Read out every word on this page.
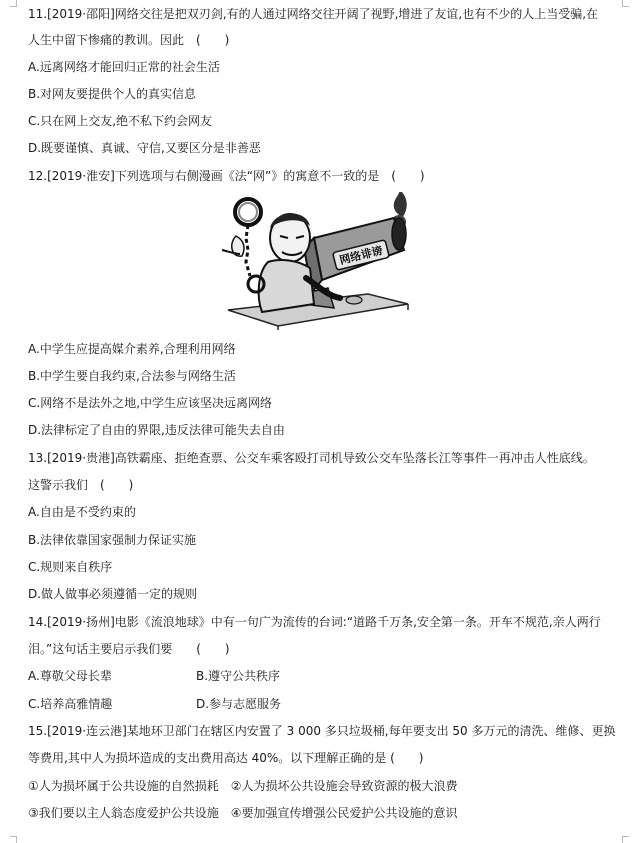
11.[2019·邵阳]网络交往是把双刃剑,有的人通过网络交往开阔了视野,增进了友谊,也有不少的人上当受骗,在
人生中留下惨痛的教训。因此　(　　)
A.远离网络才能回归正常的社会生活
B.对网友要提供个人的真实信息
C.只在网上交友,绝不私下约会网友
D.既要谨慎、真诚、守信,又要区分是非善恶
12.[2019·淮安]下列选项与右侧漫画《法“网”》的寓意不一致的是　(　　)
网络诽谤
A.中学生应提高媒介素养,合理利用网络
B.中学生要自我约束,合法参与网络生活
C.网络不是法外之地,中学生应该坚决远离网络
D.法律标定了自由的界限,违反法律可能失去自由
13.[2019·贵港]高铁霸座、拒绝查票、公交车乘客殴打司机导致公交车坠落长江等事件一再冲击人性底线。
这警示我们　(　　)
A.自由是不受约束的
B.法律依靠国家强制力保证实施
C.规则来自秩序
D.做人做事必须遵循一定的规则
14.[2019·扬州]电影《流浪地球》中有一句广为流传的台词:“道路千万条,安全第一条。开车不规范,亲人两行
泪。”这句话主要启示我们要　　(　　)
A.尊敬父母长辈	B.遵守公共秩序
C.培养高雅情趣	D.参与志愿服务
15.[2019·连云港]某地环卫部门在辖区内安置了 3 000 多只垃圾桶,每年要支出 50 多万元的清洗、维修、更换
等费用,其中人为损坏造成的支出费用高达 40%。以下理解正确的是 (　　)
①人为损坏属于公共设施的自然损耗　②人为损坏公共设施会导致资源的极大浪费
③我们要以主人翁态度爱护公共设施　④要加强宣传增强公民爱护公共设施的意识
